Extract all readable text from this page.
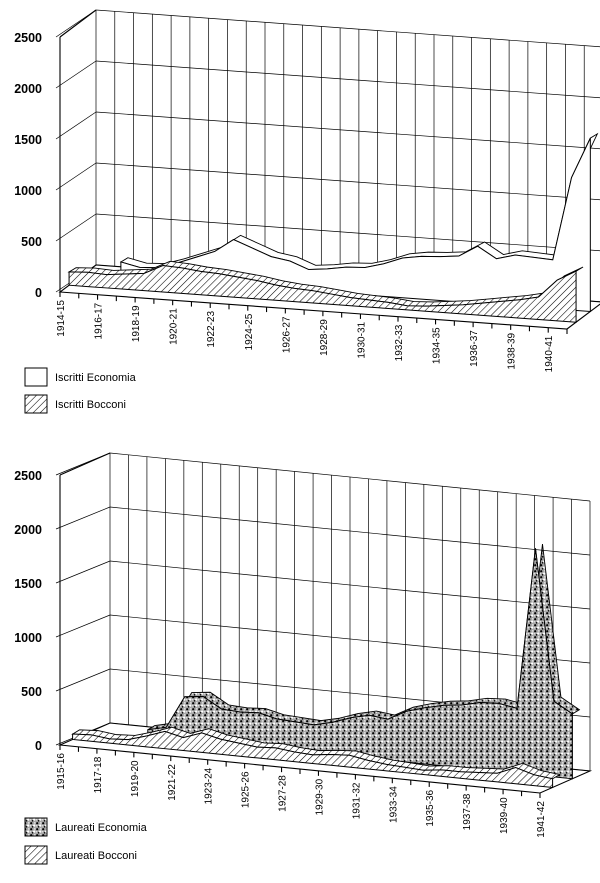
0
500
1000
1500
2000
2500
1914-15	1916-17	1918-19	1920-21	1922-23	1924-25	1926-27	1928-29	1930-31	1932-33	1934-35	1936-37	1938-39	1940-41
0
500
1000
1500
2000
2500
1915-16	1917-18	1919-20	1921-22	1923-24	1925-26	1927-28	1929-30	1931-32	1933-34	1935-36	1937-38	1939-40	1941-42
Iscritti Economia
Iscritti Bocconi
Laureati Economia
Laureati Bocconi
